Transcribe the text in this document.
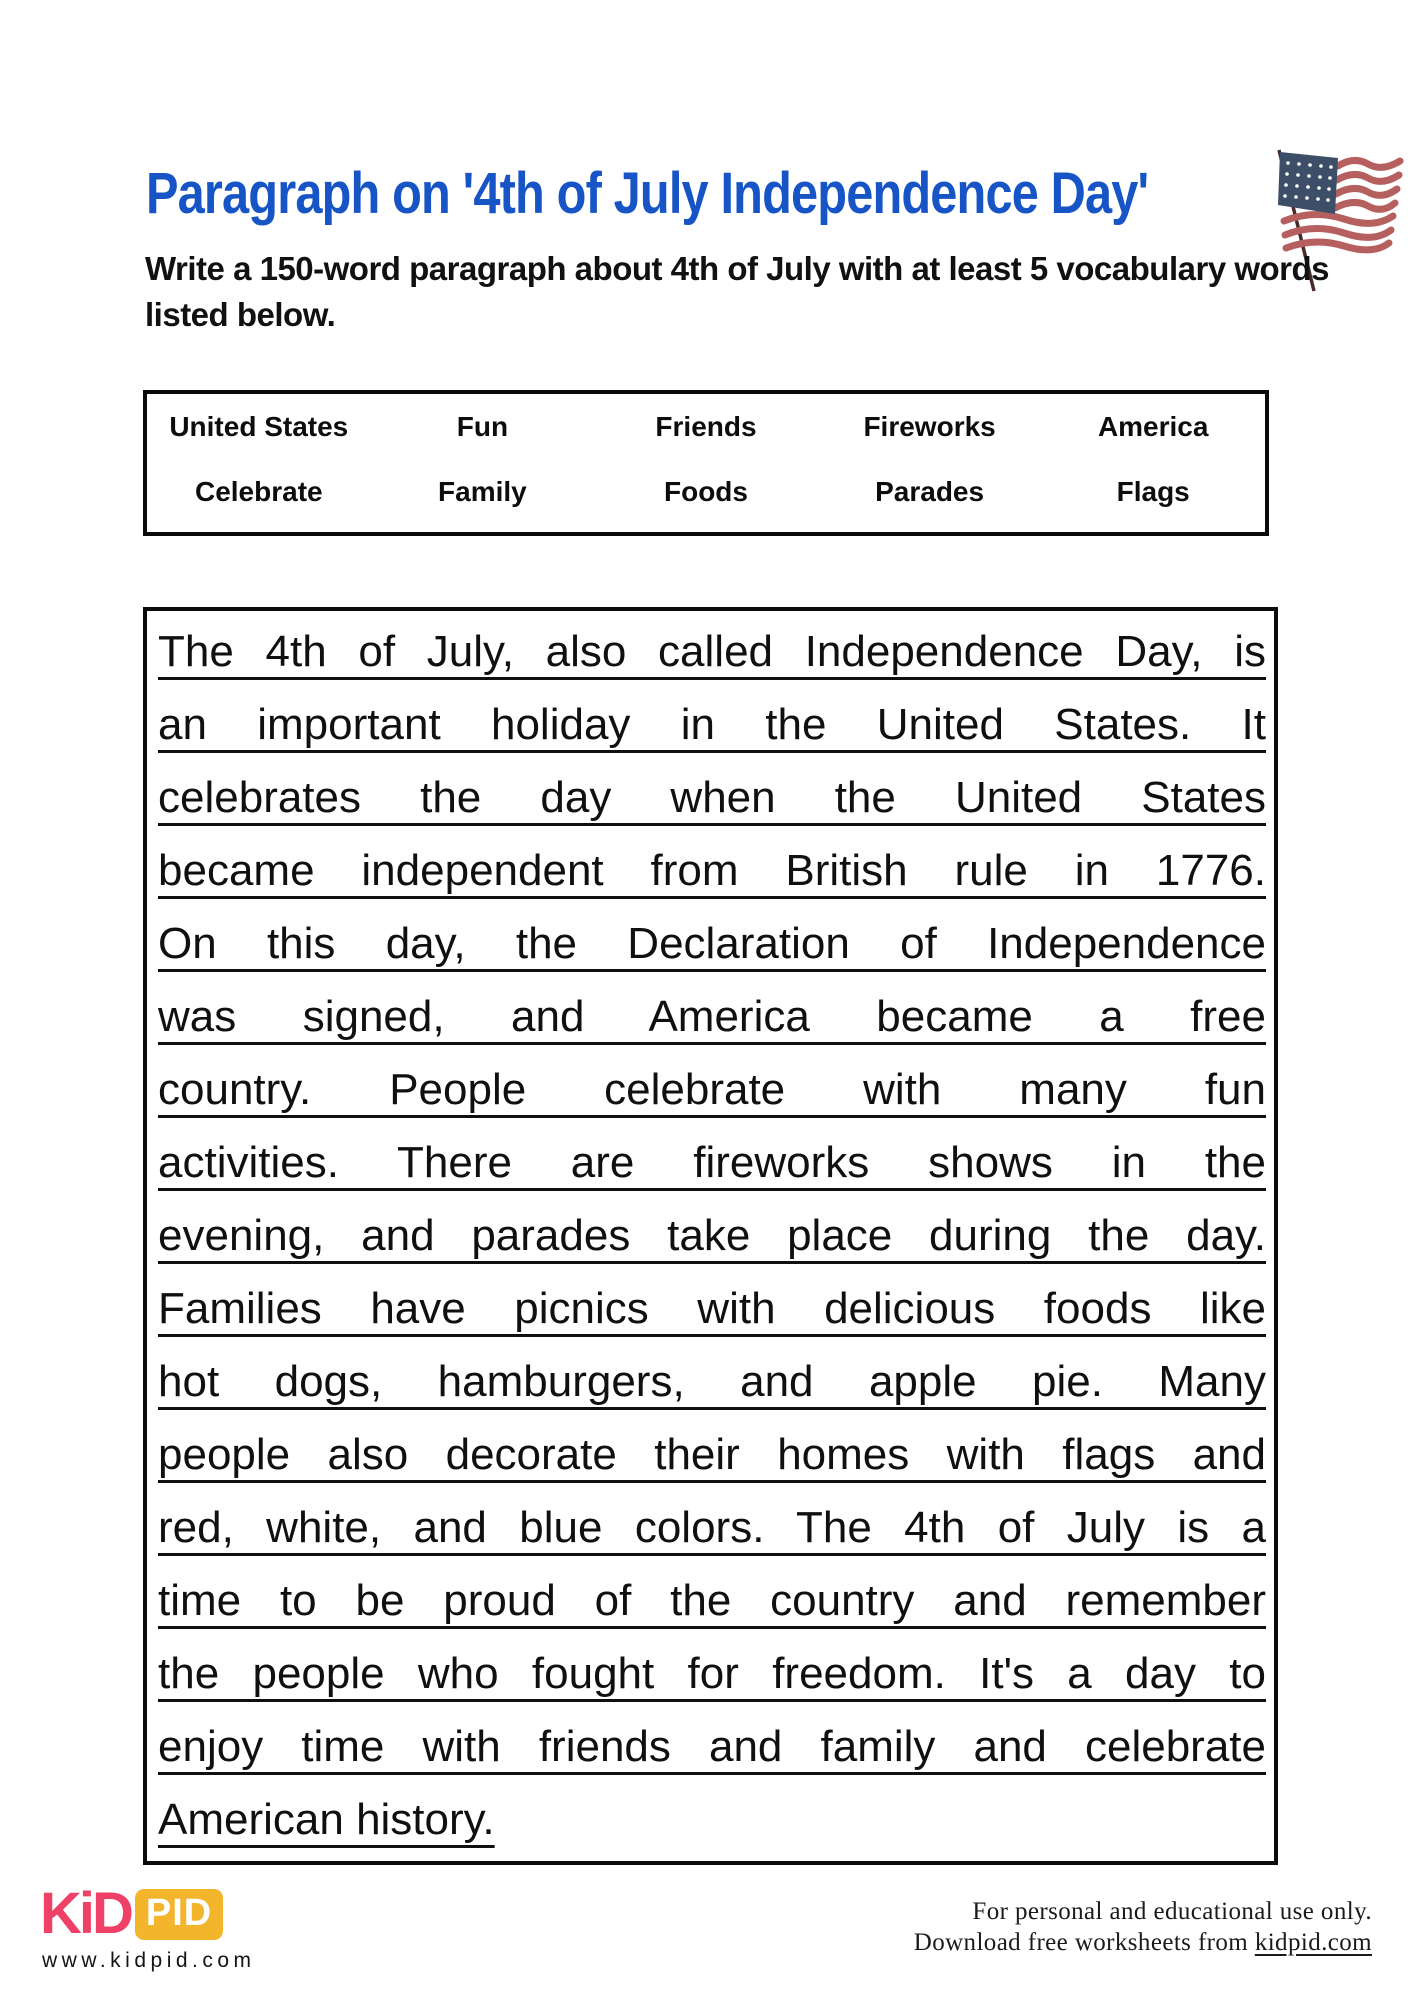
Paragraph on '4th of July Independence Day'
Write a 150-word paragraph about 4th of July with at least 5 vocabulary words
listed below.
United States	Fun	Friends	Fireworks	America
Celebrate	Family	Foods	Parades	Flags
The 4th of July, also called Independence Day, is
an important holiday in the United States. It
celebrates the day when the United States
became independent from British rule in 1776.
On this day, the Declaration of Independence
was signed, and America became a free
country. People celebrate with many fun
activities. There are fireworks shows in the
evening, and parades take place during the day.
Families have picnics with delicious foods like
hot dogs, hamburgers, and apple pie. Many
people also decorate their homes with flags and
red, white, and blue colors. The 4th of July is a
time to be proud of the country and remember
the people who fought for freedom. It's a day to
enjoy time with friends and family and celebrate
American history.
KiD PID
www.kidpid.com
For personal and educational use only.
Download free worksheets from kidpid.com
